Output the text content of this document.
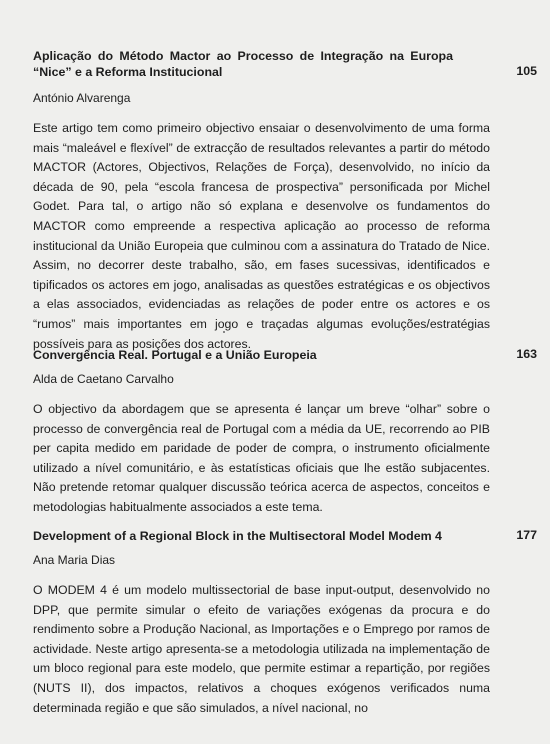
Aplicação do Método Mactor ao Processo de Integração na Europa “Nice” e a Reforma Institucional	105
António Alvarenga
Este artigo tem como primeiro objectivo ensaiar o desenvolvimento de uma forma mais “maleável e flexível” de extracção de resultados relevantes a partir do método MACTOR (Actores, Objectivos, Relações de Força), desenvolvido, no início da década de 90, pela “escola francesa de prospectiva” personificada por Michel Godet. Para tal, o artigo não só explana e desenvolve os fundamentos do MACTOR como empreende a respectiva aplicação ao processo de reforma institucional da União Europeia que culminou com a assinatura do Tratado de Nice. Assim, no decorrer deste trabalho, são, em fases sucessivas, identificados e tipificados os actores em jogo, analisadas as questões estratégicas e os objectivos a elas associados, evidenciadas as relações de poder entre os actores e os “rumos” mais importantes em jogo e traçadas algumas evoluções/estratégias possíveis para as posições dos actores.

Convergência Real. Portugal e a União Europeia	163
Alda de Caetano Carvalho
O objectivo da abordagem que se apresenta é lançar um breve “olhar” sobre o processo de convergência real de Portugal com a média da UE, recorrendo ao PIB per capita medido em paridade de poder de compra, o instrumento oficialmente utilizado a nível comunitário, e às estatísticas oficiais que lhe estão subjacentes. Não pretende retomar qualquer discussão teórica acerca de aspectos, conceitos e metodologias habitualmente associados a este tema.

Development of a Regional Block in the Multisectoral Model Modem 4	177
Ana Maria Dias
O MODEM 4 é um modelo multissectorial de base input-output, desenvolvido no DPP, que permite simular o efeito de variações exógenas da procura e do rendimento sobre a Produção Nacional, as Importações e o Emprego por ramos de actividade. Neste artigo apresenta-se a metodologia utilizada na implementação de um bloco regional para este modelo, que permite estimar a repartição, por regiões (NUTS II), dos impactos, relativos a choques exógenos verificados numa determinada região e que são simulados, a nível nacional, no
